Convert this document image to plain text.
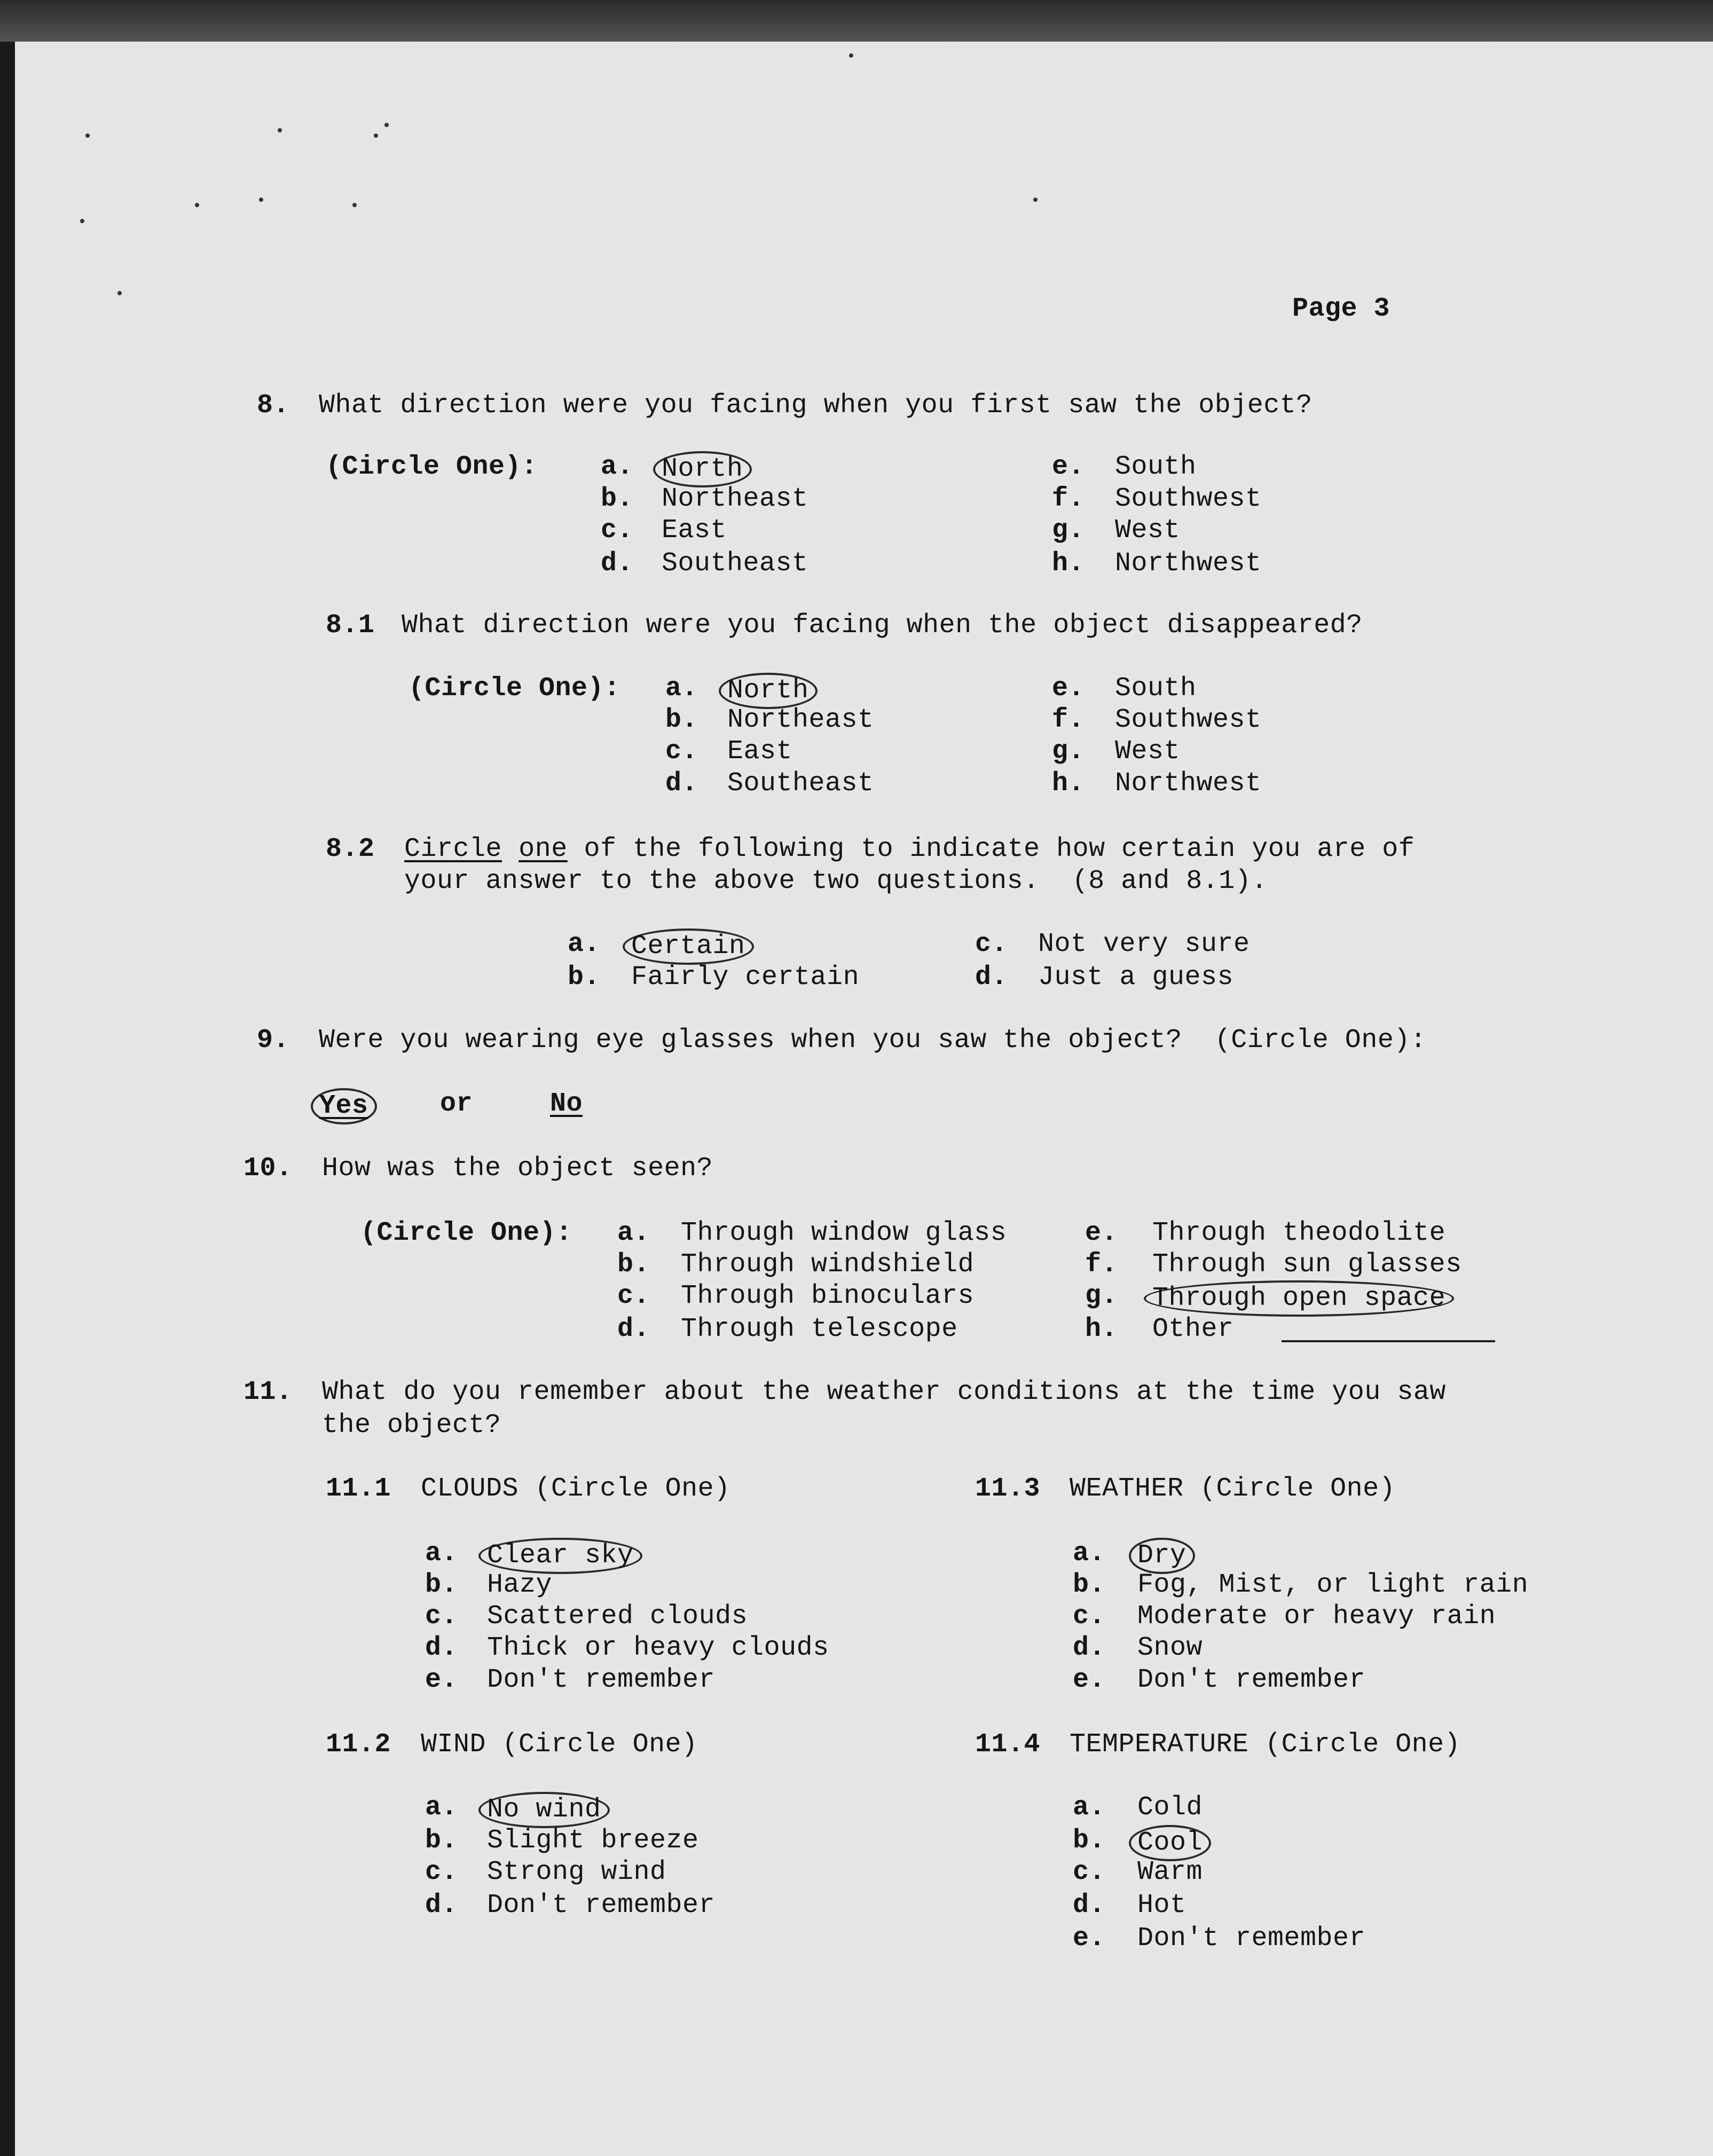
Page 3
8. What direction were you facing when you first saw the object?
(Circle One): a.	North
b. Northeast
c. East
d. Southeast
e. South
f. Southwest
g. West
h. Northwest
8.1 What direction were you facing when the object disappeared?
(Circle One): a.	North
b. Northeast
c. East
d. Southeast
e. South
f. Southwest
g. West
h. Northwest
8.2 Circle one of the following to indicate how certain you are of
your answer to the above two questions.  (8 and 8.1).
a.	Certain
b. Fairly certain
c. Not very sure
d. Just a guess
9. Were you wearing eye glasses when you saw the object?  (Circle One):
Yes	or	No
10. How was the object seen?
(Circle One): a. Through window glass
b. Through windshield
c. Through binoculars
d. Through telescope
e. Through theodolite
f. Through sun glasses
g.	Through open space
h. Other
11. What do you remember about the weather conditions at the time you saw
the object?
11.1 CLOUDS (Circle One)
a.	Clear sky
b. Hazy
c. Scattered clouds
d. Thick or heavy clouds
e. Don't remember
11.3 WEATHER (Circle One)
a.	Dry
b. Fog, Mist, or light rain
c. Moderate or heavy rain
d. Snow
e. Don't remember
11.2 WIND (Circle One)
a.	No wind
b. Slight breeze
c. Strong wind
d. Don't remember
11.4 TEMPERATURE (Circle One)
a. Cold
b.	Cool
c. Warm
d. Hot
e. Don't remember
